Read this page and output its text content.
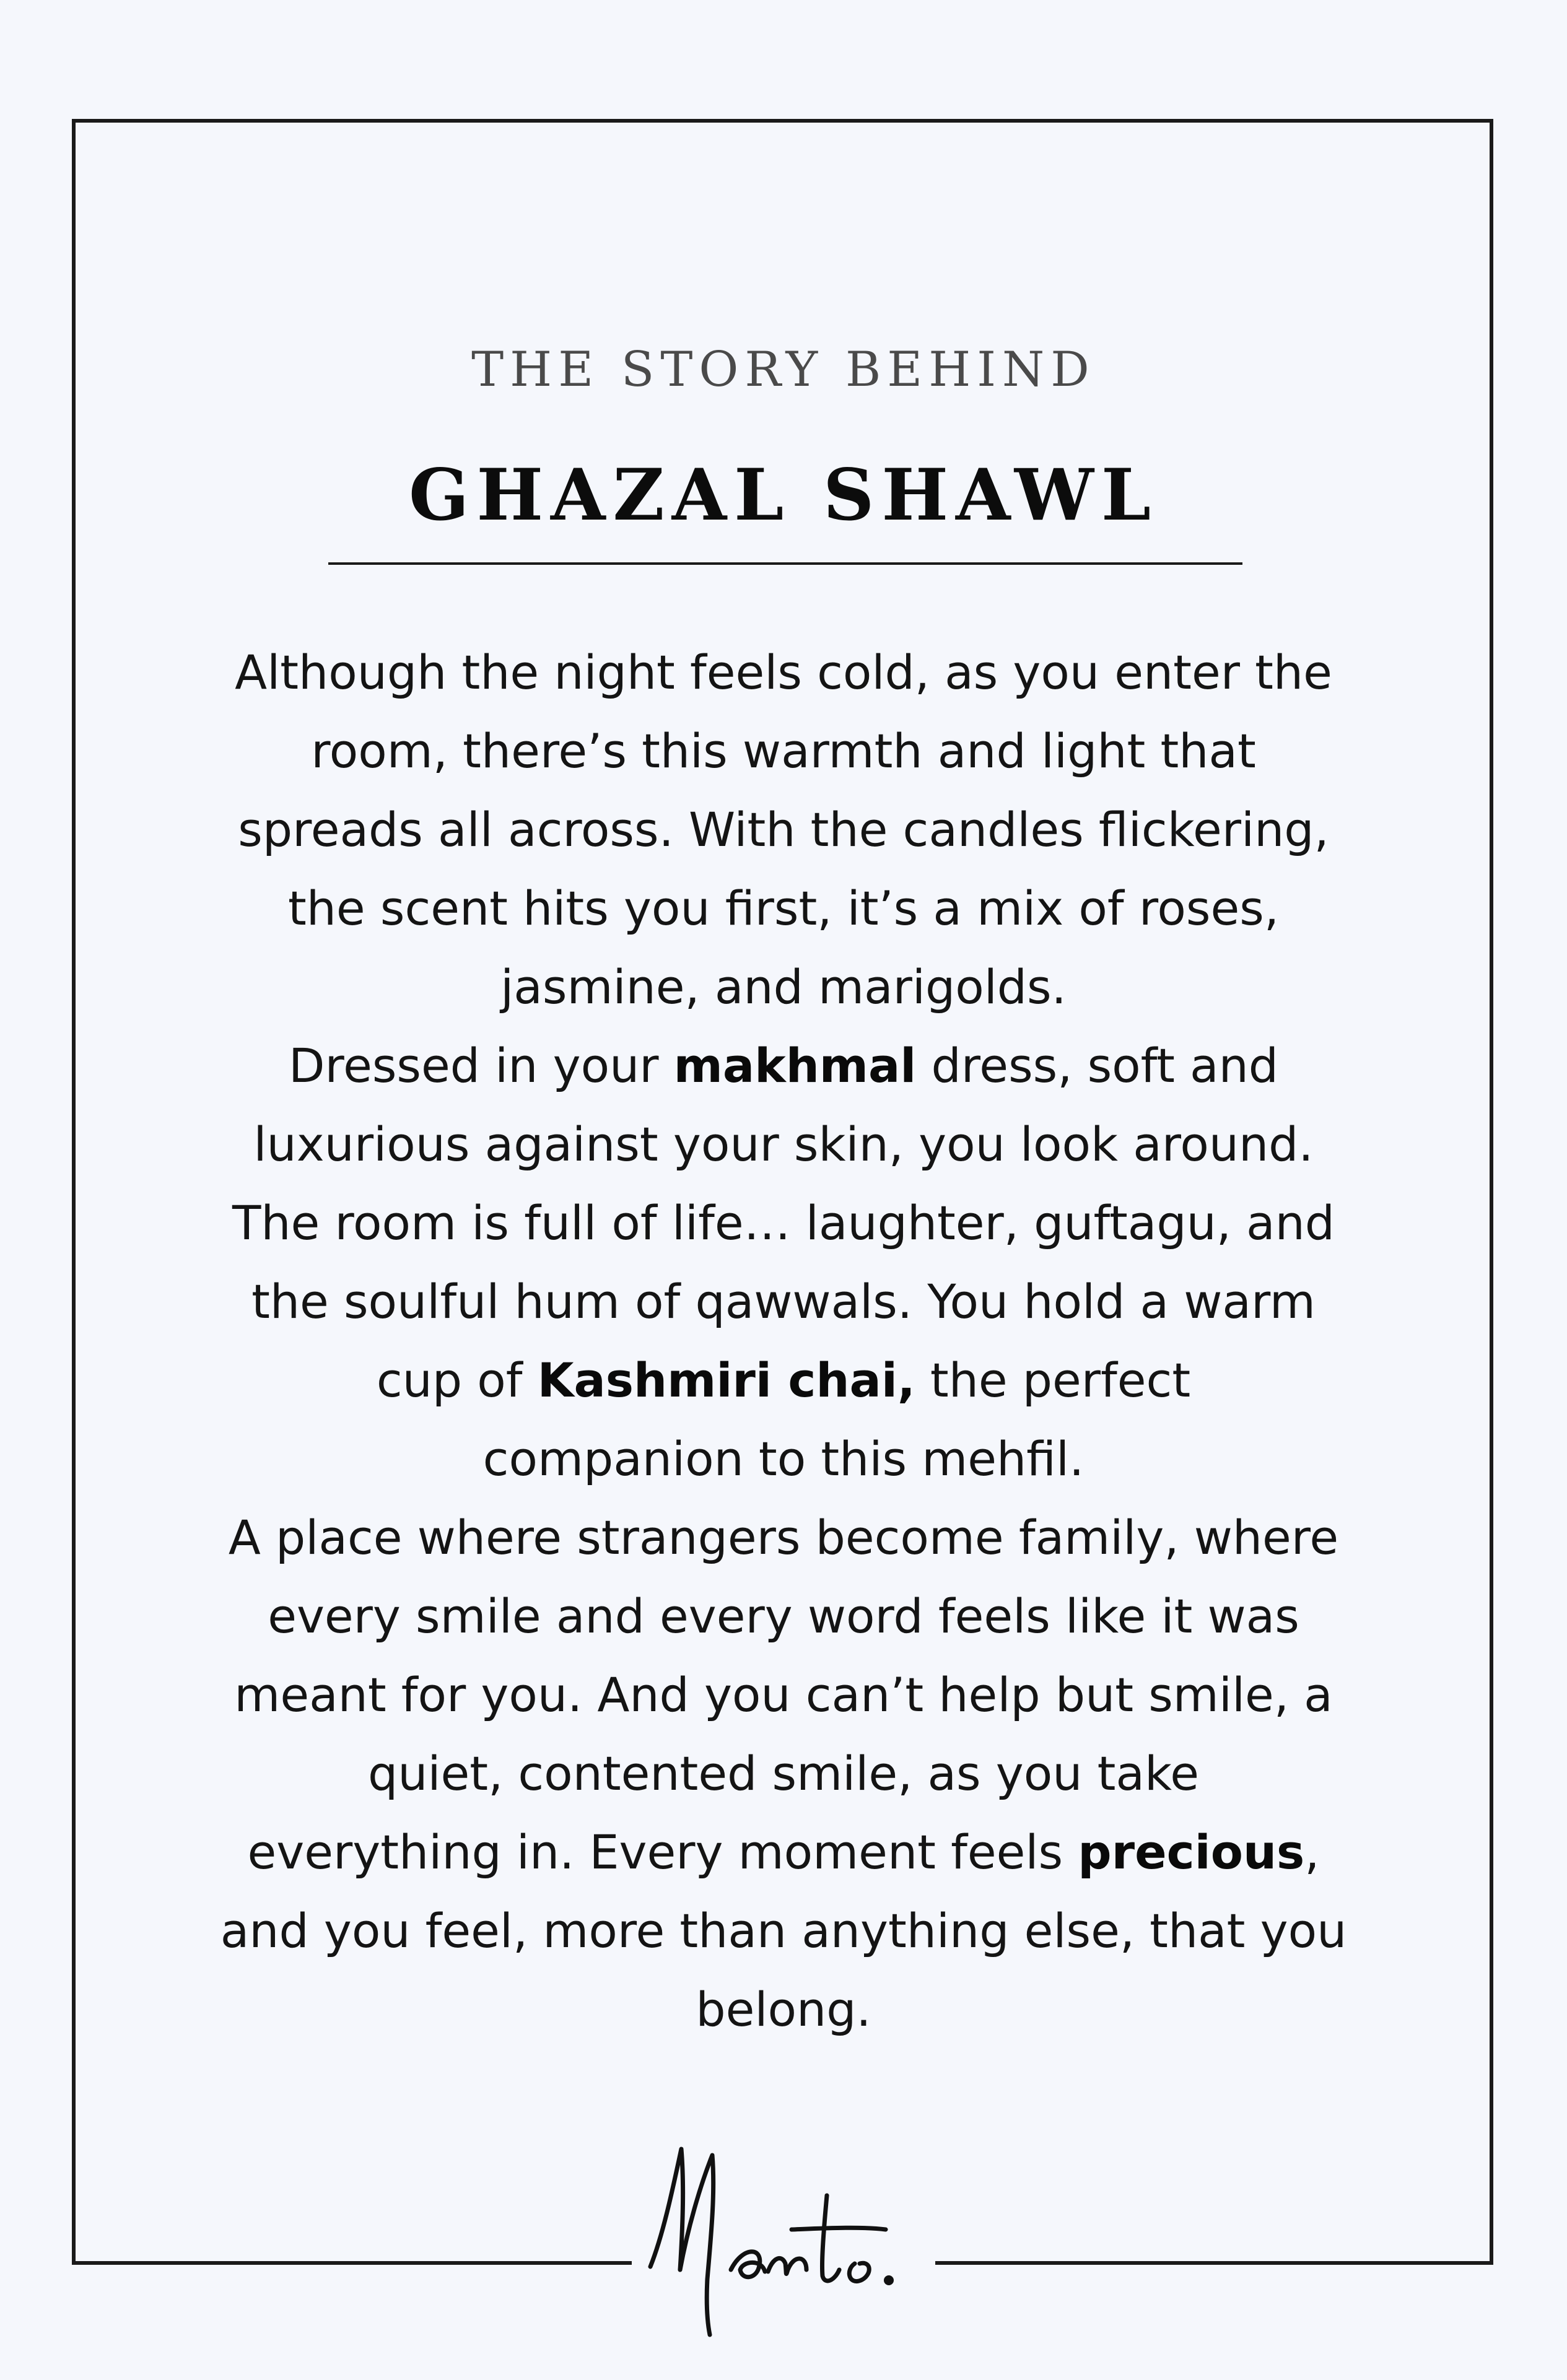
THE STORY BEHIND
GHAZAL SHAWL
Although the night feels cold, as you enter the
room, there’s this warmth and light that
spreads all across. With the candles flickering,
the scent hits you first, it’s a mix of roses,
jasmine, and marigolds.
Dressed in your makhmal dress, soft and
luxurious against your skin, you look around.
The room is full of life… laughter, guftagu, and
the soulful hum of qawwals. You hold a warm
cup of Kashmiri chai, the perfect
companion to this mehfil.
A place where strangers become family, where
every smile and every word feels like it was
meant for you. And you can’t help but smile, a
quiet, contented smile, as you take
everything in. Every moment feels precious,
and you feel, more than anything else, that you
belong.
